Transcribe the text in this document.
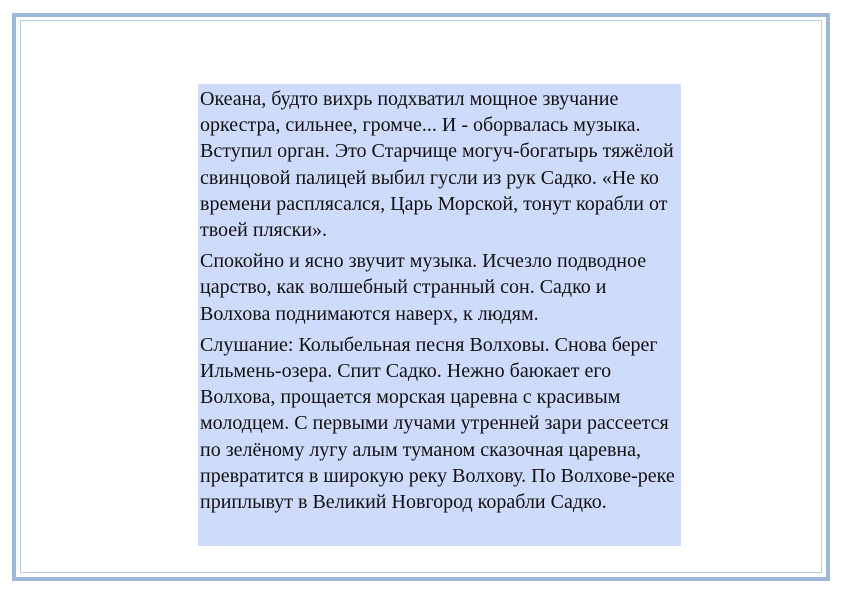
Океана, будто вихрь подхватил мощное звучание оркестра, сильнее, громче... И - оборвалась музыка. Вступил орган. Это Старчище могуч-богатырь тяжёлой свинцовой палицей выбил гусли из рук Садко. «Не ко времени расплясался, Царь Морской, тонут корабли от твоей пляски».

Спокойно и ясно звучит музыка. Исчезло подводное царство, как волшебный странный сон. Садко и Волхова поднимаются наверх, к людям.

Слушание: Колыбельная песня Волховы. Снова берег Ильмень-озера. Спит Садко. Нежно баюкает его Волхова, прощается морская царевна с красивым молодцем. С первыми лучами утренней зари рассеется по зелёному лугу алым туманом сказочная царевна, превратится в широкую реку Волхову. По Волхове-реке приплывут в Великий Новгород корабли Садко.
